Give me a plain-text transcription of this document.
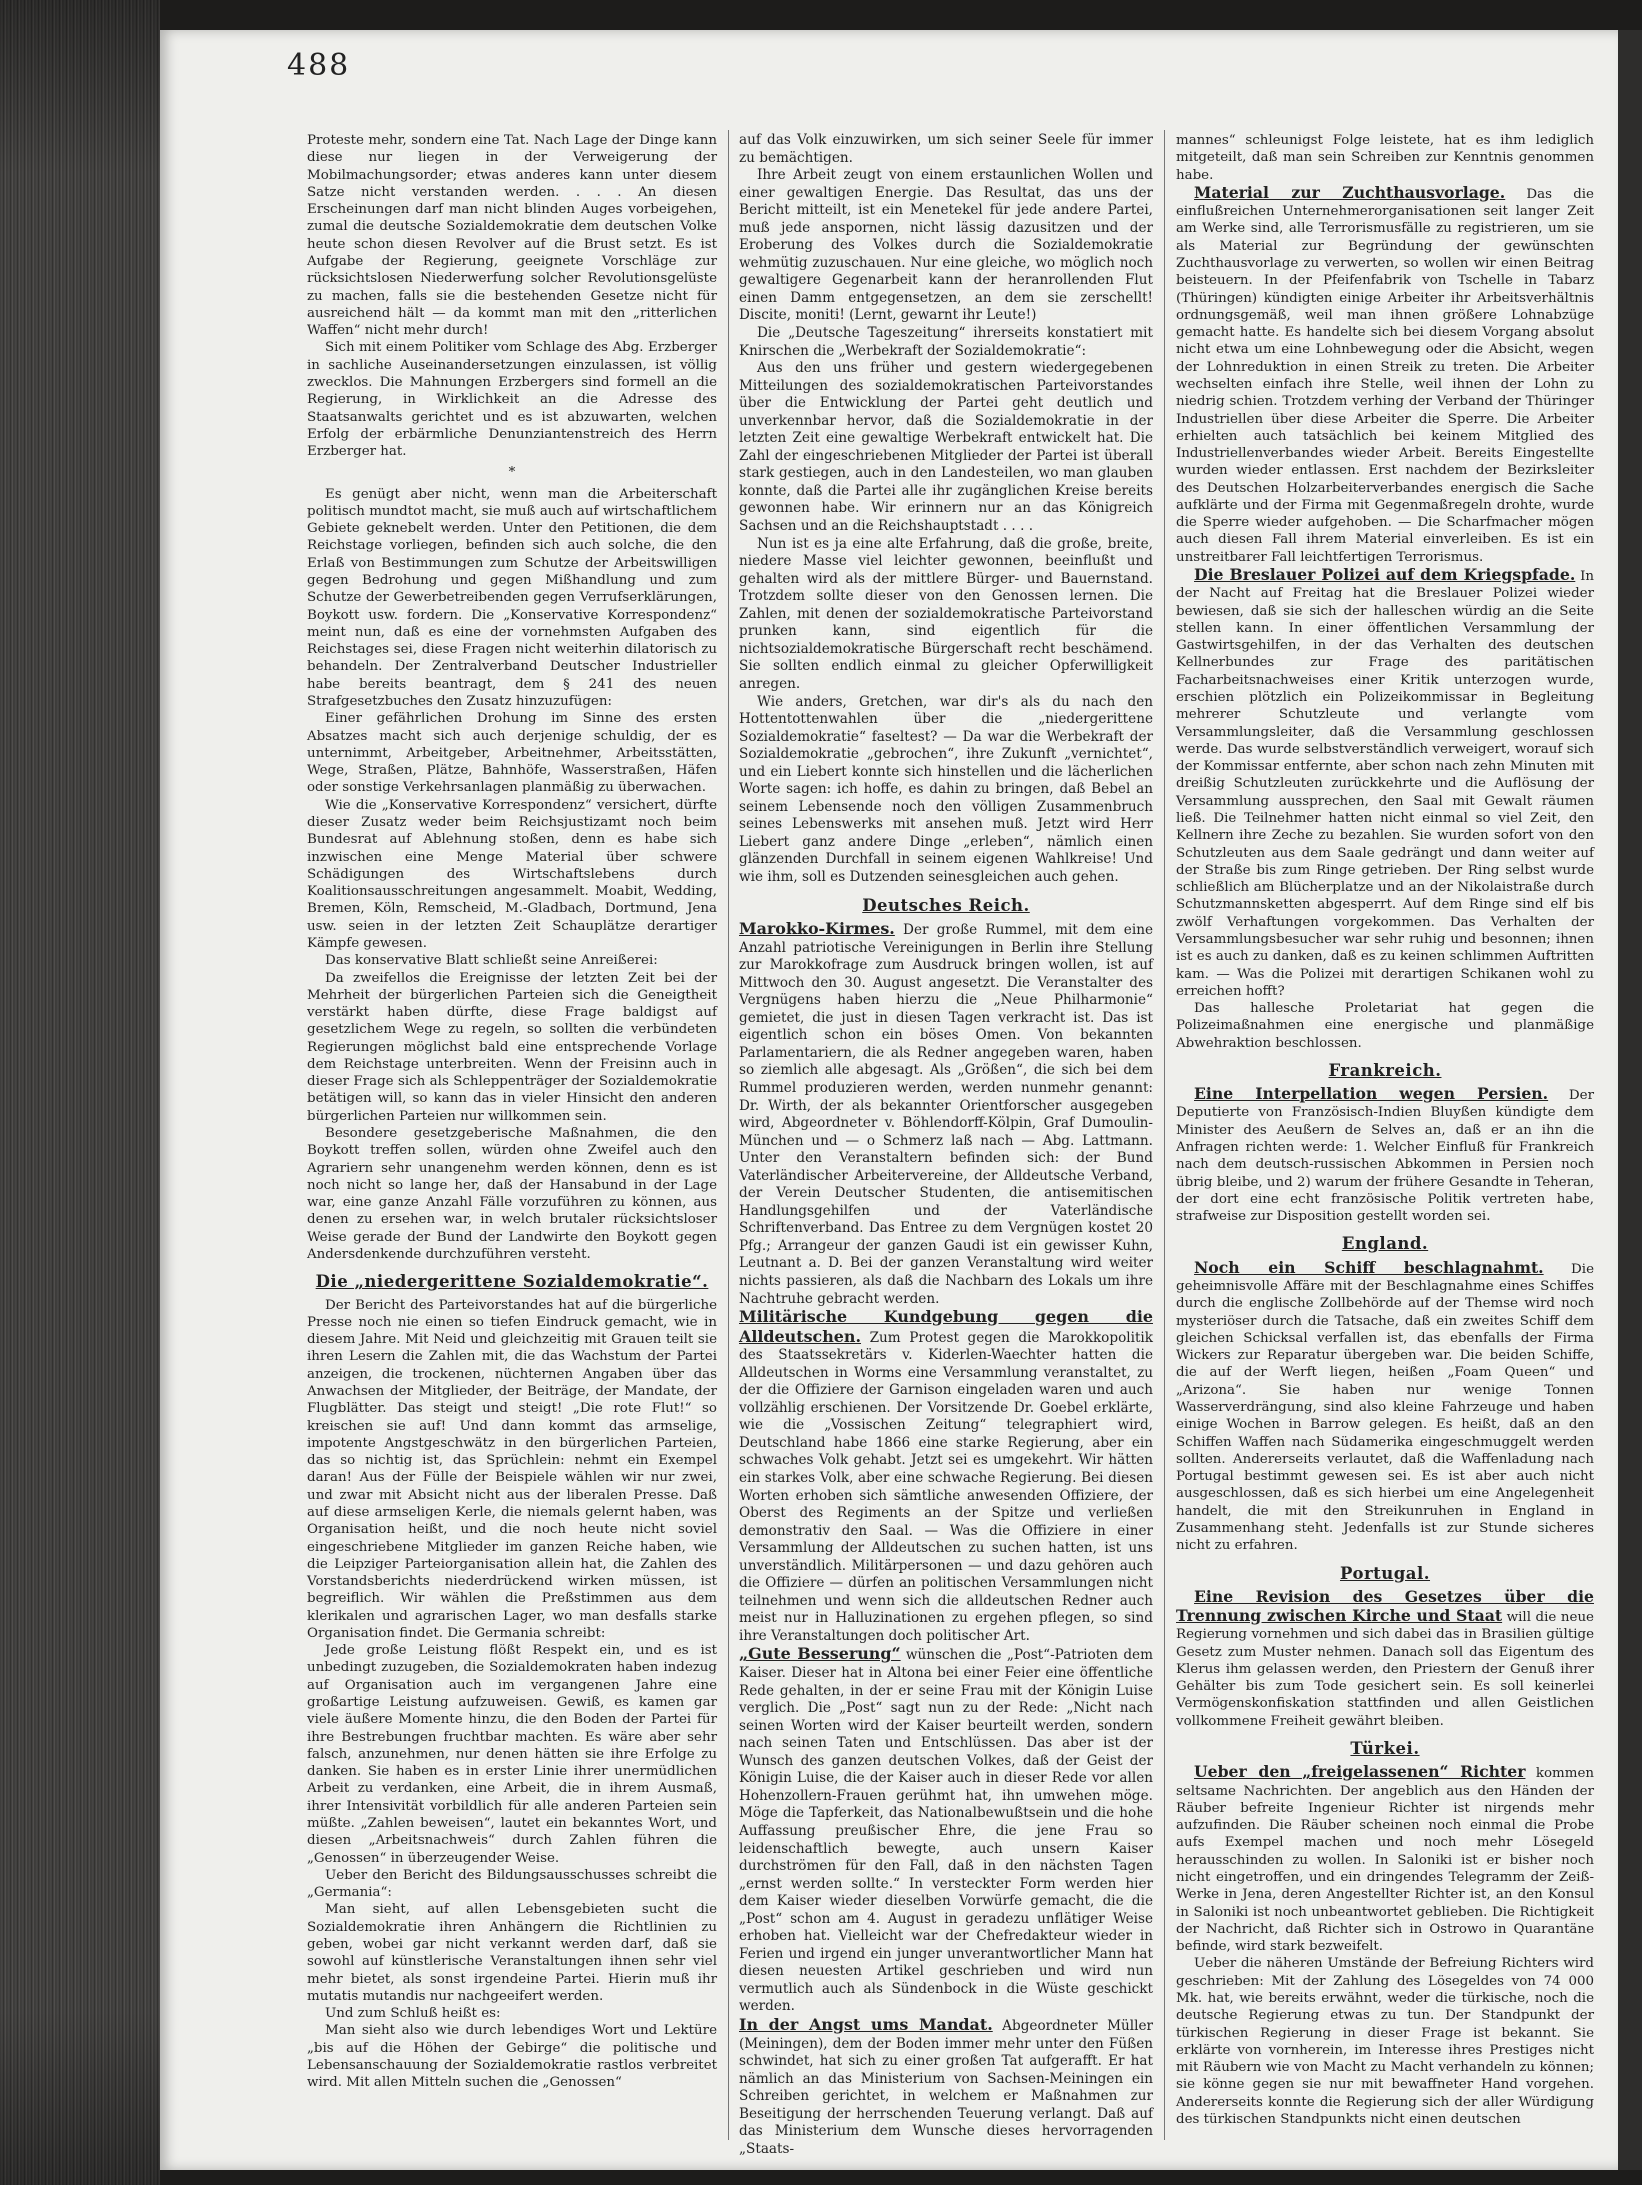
488

Proteste mehr, sondern eine Tat. Nach Lage der Dinge kann diese nur liegen in der Verweigerung der Mobilmachungsorder; etwas anderes kann unter diesem Satze nicht verstanden werden. . . . An diesen Erscheinungen darf man nicht blinden Auges vorbeigehen, zumal die deutsche Sozialdemokratie dem deutschen Volke heute schon diesen Revolver auf die Brust setzt. Es ist Aufgabe der Regierung, geeignete Vorschläge zur rücksichtslosen Niederwerfung solcher Revolutionsgelüste zu machen, falls sie die bestehenden Gesetze nicht für ausreichend hält — da kommt man mit den „ritterlichen Waffen“ nicht mehr durch!

Sich mit einem Politiker vom Schlage des Abg. Erzberger in sachliche Auseinandersetzungen einzulassen, ist völlig zwecklos. Die Mahnungen Erzbergers sind formell an die Regierung, in Wirklichkeit an die Adresse des Staatsanwalts gerichtet und es ist abzuwarten, welchen Erfolg der erbärmliche Denunziantenstreich des Herrn Erzberger hat.

*

Es genügt aber nicht, wenn man die Arbeiterschaft politisch mundtot macht, sie muß auch auf wirtschaftlichem Gebiete geknebelt werden. Unter den Petitionen, die dem Reichstage vorliegen, befinden sich auch solche, die den Erlaß von Bestimmungen zum Schutze der Arbeitswilligen gegen Bedrohung und gegen Mißhandlung und zum Schutze der Gewerbetreibenden gegen Verrufserklärungen, Boykott usw. fordern. Die „Konservative Korrespondenz“ meint nun, daß es eine der vornehmsten Aufgaben des Reichstages sei, diese Fragen nicht weiterhin dilatorisch zu behandeln. Der Zentralverband Deutscher Industrieller habe bereits beantragt, dem § 241 des neuen Strafgesetzbuches den Zusatz hinzuzufügen:

Einer gefährlichen Drohung im Sinne des ersten Absatzes macht sich auch derjenige schuldig, der es unternimmt, Arbeitgeber, Arbeitnehmer, Arbeitsstätten, Wege, Straßen, Plätze, Bahnhöfe, Wasserstraßen, Häfen oder sonstige Verkehrsanlagen planmäßig zu überwachen.

Wie die „Konservative Korrespondenz“ versichert, dürfte dieser Zusatz weder beim Reichsjustizamt noch beim Bundesrat auf Ablehnung stoßen, denn es habe sich inzwischen eine Menge Material über schwere Schädigungen des Wirtschaftslebens durch Koalitionsausschreitungen angesammelt. Moabit, Wedding, Bremen, Köln, Remscheid, M.-Gladbach, Dortmund, Jena usw. seien in der letzten Zeit Schauplätze derartiger Kämpfe gewesen.

Das konservative Blatt schließt seine Anreißerei:

Da zweifellos die Ereignisse der letzten Zeit bei der Mehrheit der bürgerlichen Parteien sich die Geneigtheit verstärkt haben dürfte, diese Frage baldigst auf gesetzlichem Wege zu regeln, so sollten die verbündeten Regierungen möglichst bald eine entsprechende Vorlage dem Reichstage unterbreiten. Wenn der Freisinn auch in dieser Frage sich als Schleppenträger der Sozialdemokratie betätigen will, so kann das in vieler Hinsicht den anderen bürgerlichen Parteien nur willkommen sein.

Besondere gesetzgeberische Maßnahmen, die den Boykott treffen sollen, würden ohne Zweifel auch den Agrariern sehr unangenehm werden können, denn es ist noch nicht so lange her, daß der Hansabund in der Lage war, eine ganze Anzahl Fälle vorzuführen zu können, aus denen zu ersehen war, in welch brutaler rücksichtsloser Weise gerade der Bund der Landwirte den Boykott gegen Andersdenkende durchzuführen versteht.

Die „niedergerittene Sozialdemokratie“.

Der Bericht des Parteivorstandes hat auf die bürgerliche Presse noch nie einen so tiefen Eindruck gemacht, wie in diesem Jahre. Mit Neid und gleichzeitig mit Grauen teilt sie ihren Lesern die Zahlen mit, die das Wachstum der Partei anzeigen, die trockenen, nüchternen Angaben über das Anwachsen der Mitglieder, der Beiträge, der Mandate, der Flugblätter. Das steigt und steigt! „Die rote Flut!“ so kreischen sie auf! Und dann kommt das armselige, impotente Angstgeschwätz in den bürgerlichen Parteien, das so nichtig ist, das Sprüchlein: nehmt ein Exempel daran! Aus der Fülle der Beispiele wählen wir nur zwei, und zwar mit Absicht nicht aus der liberalen Presse. Daß auf diese armseligen Kerle, die niemals gelernt haben, was Organisation heißt, und die noch heute nicht soviel eingeschriebene Mitglieder im ganzen Reiche haben, wie die Leipziger Parteiorganisation allein hat, die Zahlen des Vorstandsberichts niederdrückend wirken müssen, ist begreiflich. Wir wählen die Preßstimmen aus dem klerikalen und agrarischen Lager, wo man desfalls starke Organisation findet. Die Germania schreibt:

Jede große Leistung flößt Respekt ein, und es ist unbedingt zuzugeben, die Sozialdemokraten haben indezug auf Organisation auch im vergangenen Jahre eine großartige Leistung aufzuweisen. Gewiß, es kamen gar viele äußere Momente hinzu, die den Boden der Partei für ihre Bestrebungen fruchtbar machten. Es wäre aber sehr falsch, anzunehmen, nur denen hätten sie ihre Erfolge zu danken. Sie haben es in erster Linie ihrer unermüdlichen Arbeit zu verdanken, eine Arbeit, die in ihrem Ausmaß, ihrer Intensivität vorbildlich für alle anderen Parteien sein müßte. „Zahlen beweisen“, lautet ein bekanntes Wort, und diesen „Arbeitsnachweis“ durch Zahlen führen die „Genossen“ in überzeugender Weise.

Ueber den Bericht des Bildungsausschusses schreibt die „Germania“:

Man sieht, auf allen Lebensgebieten sucht die Sozialdemokratie ihren Anhängern die Richtlinien zu geben, wobei gar nicht verkannt werden darf, daß sie sowohl auf künstlerische Veranstaltungen ihnen sehr viel mehr bietet, als sonst irgendeine Partei. Hierin muß ihr mutatis mutandis nur nachgeeifert werden.

Und zum Schluß heißt es:

Man sieht also wie durch lebendiges Wort und Lektüre „bis auf die Höhen der Gebirge“ die politische und Lebensanschauung der Sozialdemokratie rastlos verbreitet wird. Mit allen Mitteln suchen die „Genossen“

auf das Volk einzuwirken, um sich seiner Seele für immer zu bemächtigen.

Ihre Arbeit zeugt von einem erstaunlichen Wollen und einer gewaltigen Energie. Das Resultat, das uns der Bericht mitteilt, ist ein Menetekel für jede andere Partei, muß jede anspornen, nicht lässig dazusitzen und der Eroberung des Volkes durch die Sozialdemokratie wehmütig zuzuschauen. Nur eine gleiche, wo möglich noch gewaltigere Gegenarbeit kann der heranrollenden Flut einen Damm entgegensetzen, an dem sie zerschellt! Discite, moniti! (Lernt, gewarnt ihr Leute!)

Die „Deutsche Tageszeitung“ ihrerseits konstatiert mit Knirschen die „Werbekraft der Sozialdemokratie“:

Aus den uns früher und gestern wiedergegebenen Mitteilungen des sozialdemokratischen Parteivorstandes über die Entwicklung der Partei geht deutlich und unverkennbar hervor, daß die Sozialdemokratie in der letzten Zeit eine gewaltige Werbekraft entwickelt hat. Die Zahl der eingeschriebenen Mitglieder der Partei ist überall stark gestiegen, auch in den Landesteilen, wo man glauben konnte, daß die Partei alle ihr zugänglichen Kreise bereits gewonnen habe. Wir erinnern nur an das Königreich Sachsen und an die Reichshauptstadt . . . .

Nun ist es ja eine alte Erfahrung, daß die große, breite, niedere Masse viel leichter gewonnen, beeinflußt und gehalten wird als der mittlere Bürger- und Bauernstand. Trotzdem sollte dieser von den Genossen lernen. Die Zahlen, mit denen der sozialdemokratische Parteivorstand prunken kann, sind eigentlich für die nichtsozialdemokratische Bürgerschaft recht beschämend. Sie sollten endlich einmal zu gleicher Opferwilligkeit anregen.

Wie anders, Gretchen, war dir's als du nach den Hottentottenwahlen über die „niedergerittene Sozialdemokratie“ faseltest? — Da war die Werbekraft der Sozialdemokratie „gebrochen“, ihre Zukunft „vernichtet“, und ein Liebert konnte sich hinstellen und die lächerlichen Worte sagen: ich hoffe, es dahin zu bringen, daß Bebel an seinem Lebensende noch den völligen Zusammenbruch seines Lebenswerks mit ansehen muß. Jetzt wird Herr Liebert ganz andere Dinge „erleben“, nämlich einen glänzenden Durchfall in seinem eigenen Wahlkreise! Und wie ihm, soll es Dutzenden seinesgleichen auch gehen.

Deutsches Reich.

Marokko-Kirmes. Der große Rummel, mit dem eine Anzahl patriotische Vereinigungen in Berlin ihre Stellung zur Marokkofrage zum Ausdruck bringen wollen, ist auf Mittwoch den 30. August angesetzt. Die Veranstalter des Vergnügens haben hierzu die „Neue Philharmonie“ gemietet, die just in diesen Tagen verkracht ist. Das ist eigentlich schon ein böses Omen. Von bekannten Parlamentariern, die als Redner angegeben waren, haben so ziemlich alle abgesagt. Als „Größen“, die sich bei dem Rummel produzieren werden, werden nunmehr genannt: Dr. Wirth, der als bekannter Orientforscher ausgegeben wird, Abgeordneter v. Böhlendorff-Kölpin, Graf Dumoulin-München und — o Schmerz laß nach — Abg. Lattmann. Unter den Veranstaltern befinden sich: der Bund Vaterländischer Arbeitervereine, der Alldeutsche Verband, der Verein Deutscher Studenten, die antisemitischen Handlungsgehilfen und der Vaterländische Schriftenverband. Das Entree zu dem Vergnügen kostet 20 Pfg.; Arrangeur der ganzen Gaudi ist ein gewisser Kuhn, Leutnant a. D. Bei der ganzen Veranstaltung wird weiter nichts passieren, als daß die Nachbarn des Lokals um ihre Nachtruhe gebracht werden.

Militärische Kundgebung gegen die Alldeutschen. Zum Protest gegen die Marokkopolitik des Staatssekretärs v. Kiderlen-Waechter hatten die Alldeutschen in Worms eine Versammlung veranstaltet, zu der die Offiziere der Garnison eingeladen waren und auch vollzählig erschienen. Der Vorsitzende Dr. Goebel erklärte, wie die „Vossischen Zeitung“ telegraphiert wird, Deutschland habe 1866 eine starke Regierung, aber ein schwaches Volk gehabt. Jetzt sei es umgekehrt. Wir hätten ein starkes Volk, aber eine schwache Regierung. Bei diesen Worten erhoben sich sämtliche anwesenden Offiziere, der Oberst des Regiments an der Spitze und verließen demonstrativ den Saal. — Was die Offiziere in einer Versammlung der Alldeutschen zu suchen hatten, ist uns unverständlich. Militärpersonen — und dazu gehören auch die Offiziere — dürfen an politischen Versammlungen nicht teilnehmen und wenn sich die alldeutschen Redner auch meist nur in Halluzinationen zu ergehen pflegen, so sind ihre Veranstaltungen doch politischer Art.

„Gute Besserung“ wünschen die „Post“-Patrioten dem Kaiser. Dieser hat in Altona bei einer Feier eine öffentliche Rede gehalten, in der er seine Frau mit der Königin Luise verglich. Die „Post“ sagt nun zu der Rede: „Nicht nach seinen Worten wird der Kaiser beurteilt werden, sondern nach seinen Taten und Entschlüssen. Das aber ist der Wunsch des ganzen deutschen Volkes, daß der Geist der Königin Luise, die der Kaiser auch in dieser Rede vor allen Hohenzollern-Frauen gerühmt hat, ihn umwehen möge. Möge die Tapferkeit, das Nationalbewußtsein und die hohe Auffassung preußischer Ehre, die jene Frau so leidenschaftlich bewegte, auch unsern Kaiser durchströmen für den Fall, daß in den nächsten Tagen „ernst werden sollte.“ In versteckter Form werden hier dem Kaiser wieder dieselben Vorwürfe gemacht, die die „Post“ schon am 4. August in geradezu unflätiger Weise erhoben hat. Vielleicht war der Chefredakteur wieder in Ferien und irgend ein junger unverantwortlicher Mann hat diesen neuesten Artikel geschrieben und wird nun vermutlich auch als Sündenbock in die Wüste geschickt werden.

In der Angst ums Mandat. Abgeordneter Müller (Meiningen), dem der Boden immer mehr unter den Füßen schwindet, hat sich zu einer großen Tat aufgerafft. Er hat nämlich an das Ministerium von Sachsen-Meiningen ein Schreiben gerichtet, in welchem er Maßnahmen zur Beseitigung der herrschenden Teuerung verlangt. Daß auf das Ministerium dem Wunsche dieses hervorragenden „Staats-

mannes“ schleunigst Folge leistete, hat es ihm lediglich mitgeteilt, daß man sein Schreiben zur Kenntnis genommen habe.

Material zur Zuchthausvorlage. Das die einflußreichen Unternehmerorganisationen seit langer Zeit am Werke sind, alle Terrorismusfälle zu registrieren, um sie als Material zur Begründung der gewünschten Zuchthausvorlage zu verwerten, so wollen wir einen Beitrag beisteuern. In der Pfeifenfabrik von Tschelle in Tabarz (Thüringen) kündigten einige Arbeiter ihr Arbeitsverhältnis ordnungsgemäß, weil man ihnen größere Lohnabzüge gemacht hatte. Es handelte sich bei diesem Vorgang absolut nicht etwa um eine Lohnbewegung oder die Absicht, wegen der Lohnreduktion in einen Streik zu treten. Die Arbeiter wechselten einfach ihre Stelle, weil ihnen der Lohn zu niedrig schien. Trotzdem verhing der Verband der Thüringer Industriellen über diese Arbeiter die Sperre. Die Arbeiter erhielten auch tatsächlich bei keinem Mitglied des Industriellenverbandes wieder Arbeit. Bereits Eingestellte wurden wieder entlassen. Erst nachdem der Bezirksleiter des Deutschen Holzarbeiterverbandes energisch die Sache aufklärte und der Firma mit Gegenmaßregeln drohte, wurde die Sperre wieder aufgehoben. — Die Scharfmacher mögen auch diesen Fall ihrem Material einverleiben. Es ist ein unstreitbarer Fall leichtfertigen Terrorismus.

Die Breslauer Polizei auf dem Kriegspfade. In der Nacht auf Freitag hat die Breslauer Polizei wieder bewiesen, daß sie sich der halleschen würdig an die Seite stellen kann. In einer öffentlichen Versammlung der Gastwirtsgehilfen, in der das Verhalten des deutschen Kellnerbundes zur Frage des paritätischen Facharbeitsnachweises einer Kritik unterzogen wurde, erschien plötzlich ein Polizeikommissar in Begleitung mehrerer Schutzleute und verlangte vom Versammlungsleiter, daß die Versammlung geschlossen werde. Das wurde selbstverständlich verweigert, worauf sich der Kommissar entfernte, aber schon nach zehn Minuten mit dreißig Schutzleuten zurückkehrte und die Auflösung der Versammlung aussprechen, den Saal mit Gewalt räumen ließ. Die Teilnehmer hatten nicht einmal so viel Zeit, den Kellnern ihre Zeche zu bezahlen. Sie wurden sofort von den Schutzleuten aus dem Saale gedrängt und dann weiter auf der Straße bis zum Ringe getrieben. Der Ring selbst wurde schließlich am Blücherplatze und an der Nikolaistraße durch Schutzmannsketten abgesperrt. Auf dem Ringe sind elf bis zwölf Verhaftungen vorgekommen. Das Verhalten der Versammlungsbesucher war sehr ruhig und besonnen; ihnen ist es auch zu danken, daß es zu keinen schlimmen Auftritten kam. — Was die Polizei mit derartigen Schikanen wohl zu erreichen hofft?

Das hallesche Proletariat hat gegen die Polizeimaßnahmen eine energische und planmäßige Abwehraktion beschlossen.

Frankreich.

Eine Interpellation wegen Persien. Der Deputierte von Französisch-Indien Bluyßen kündigte dem Minister des Aeußern de Selves an, daß er an ihn die Anfragen richten werde: 1. Welcher Einfluß für Frankreich nach dem deutsch-russischen Abkommen in Persien noch übrig bleibe, und 2) warum der frühere Gesandte in Teheran, der dort eine echt französische Politik vertreten habe, strafweise zur Disposition gestellt worden sei.

England.

Noch ein Schiff beschlagnahmt. Die geheimnisvolle Affäre mit der Beschlagnahme eines Schiffes durch die englische Zollbehörde auf der Themse wird noch mysteriöser durch die Tatsache, daß ein zweites Schiff dem gleichen Schicksal verfallen ist, das ebenfalls der Firma Wickers zur Reparatur übergeben war. Die beiden Schiffe, die auf der Werft liegen, heißen „Foam Queen“ und „Arizona“. Sie haben nur wenige Tonnen Wasserverdrängung, sind also kleine Fahrzeuge und haben einige Wochen in Barrow gelegen. Es heißt, daß an den Schiffen Waffen nach Südamerika eingeschmuggelt werden sollten. Andererseits verlautet, daß die Waffenladung nach Portugal bestimmt gewesen sei. Es ist aber auch nicht ausgeschlossen, daß es sich hierbei um eine Angelegenheit handelt, die mit den Streikunruhen in England in Zusammenhang steht. Jedenfalls ist zur Stunde sicheres nicht zu erfahren.

Portugal.

Eine Revision des Gesetzes über die Trennung zwischen Kirche und Staat will die neue Regierung vornehmen und sich dabei das in Brasilien gültige Gesetz zum Muster nehmen. Danach soll das Eigentum des Klerus ihm gelassen werden, den Priestern der Genuß ihrer Gehälter bis zum Tode gesichert sein. Es soll keinerlei Vermögenskonfiskation stattfinden und allen Geistlichen vollkommene Freiheit gewährt bleiben.

Türkei.

Ueber den „freigelassenen“ Richter kommen seltsame Nachrichten. Der angeblich aus den Händen der Räuber befreite Ingenieur Richter ist nirgends mehr aufzufinden. Die Räuber scheinen noch einmal die Probe aufs Exempel machen und noch mehr Lösegeld herausschinden zu wollen. In Saloniki ist er bisher noch nicht eingetroffen, und ein dringendes Telegramm der Zeiß-Werke in Jena, deren Angestellter Richter ist, an den Konsul in Saloniki ist noch unbeantwortet geblieben. Die Richtigkeit der Nachricht, daß Richter sich in Ostrowo in Quarantäne befinde, wird stark bezweifelt.

Ueber die näheren Umstände der Befreiung Richters wird geschrieben: Mit der Zahlung des Lösegeldes von 74 000 Mk. hat, wie bereits erwähnt, weder die türkische, noch die deutsche Regierung etwas zu tun. Der Standpunkt der türkischen Regierung in dieser Frage ist bekannt. Sie erklärte von vornherein, im Interesse ihres Prestiges nicht mit Räubern wie von Macht zu Macht verhandeln zu können; sie könne gegen sie nur mit bewaffneter Hand vorgehen. Andererseits konnte die Regierung sich der aller Würdigung des türkischen Standpunkts nicht einen deutschen
